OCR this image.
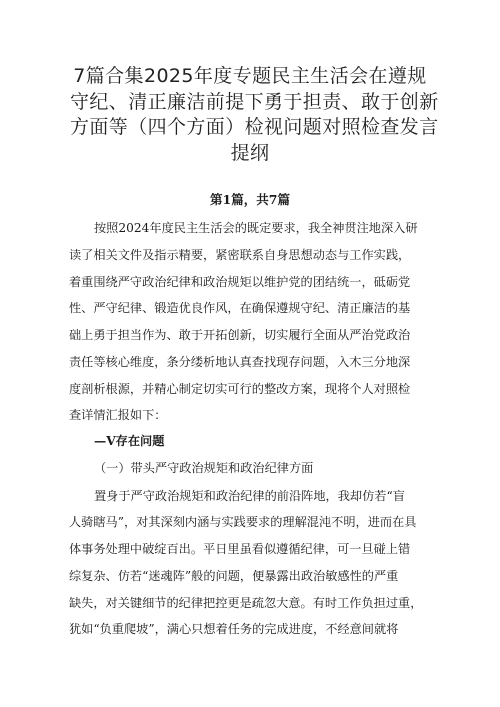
7篇合集2025年度专题民主生活会在遵规
守纪、清正廉洁前提下勇于担责、敢于创新
方面等（四个方面）检视问题对照检查发言
提纲
第1篇，共7篇
按照2024年度民主生活会的既定要求，我全神贯注地深入研
读了相关文件及指示精要，紧密联系自身思想动态与工作实践，
着重围绕严守政治纪律和政治规矩以维护党的团结统一，砥砺党
性、严守纪律、锻造优良作风，在确保遵规守纪、清正廉洁的基
础上勇于担当作为、敢于开拓创新，切实履行全面从严治党政治
责任等核心维度，条分缕析地认真查找现存问题，入木三分地深
度剖析根源，并精心制定切实可行的整改方案，现将个人对照检
查详情汇报如下：
—V存在问题
（一）带头严守政治规矩和政治纪律方面
置身于严守政治规矩和政治纪律的前沿阵地，我却仿若“盲
人骑瞎马”，对其深刻内涵与实践要求的理解混沌不明，进而在具
体事务处理中破绽百出。平日里虽看似遵循纪律，可一旦碰上错
综复杂、仿若“迷魂阵”般的问题，便暴露出政治敏感性的严重
缺失，对关键细节的纪律把控更是疏忽大意。有时工作负担过重，
犹如“负重爬坡”，满心只想着任务的完成进度，不经意间就将
